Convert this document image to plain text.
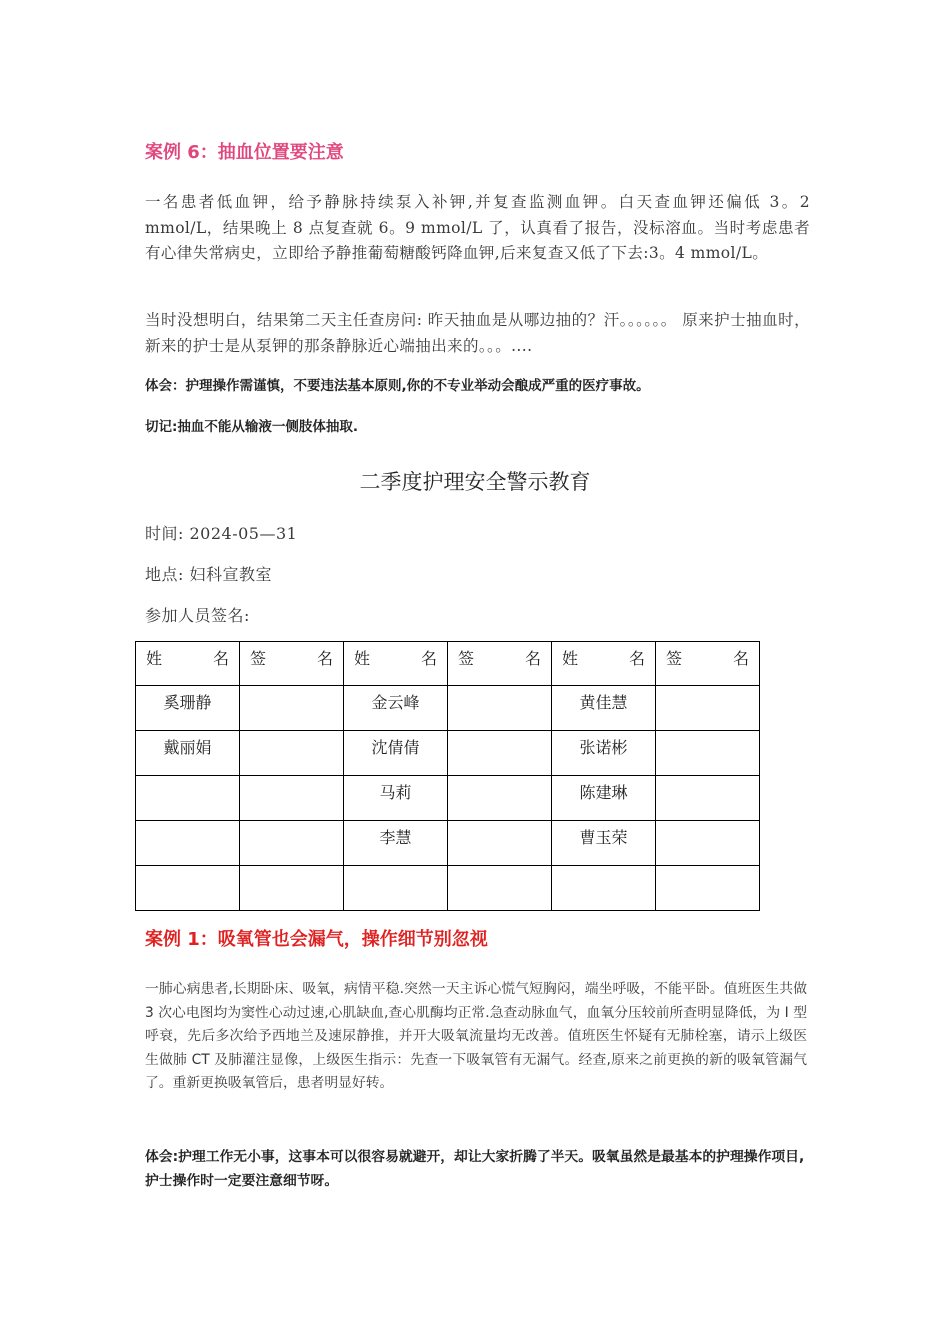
案例 6：抽血位置要注意
一名患者低血钾，给予静脉持续泵入补钾,并复查监测血钾。白天查血钾还偏低 3。2 mmol/L，结果晚上 8 点复查就 6。9 mmol/L 了，认真看了报告，没标溶血。当时考虑患者有心律失常病史，立即给予静推葡萄糖酸钙降血钾,后来复查又低了下去:3。4 mmol/L。
当时没想明白，结果第二天主任查房问: 昨天抽血是从哪边抽的？汗。。。。。。 原来护士抽血时，新来的护士是从泵钾的那条静脉近心端抽出来的。。。....
体会：护理操作需谨慎，不要违法基本原则,你的不专业举动会酿成严重的医疗事故。
切记:抽血不能从输液一侧肢体抽取.
二季度护理安全警示教育
时间: 2024-05—31
地点: 妇科宣教室
参加人员签名:
姓 名	签 名	姓 名	签 名	姓 名	签 名

奚珊静		金云峰		黄佳慧	

戴丽娟		沈倩倩		张诺彬	

		马莉		陈建琳	

		李慧		曹玉荣	

案例 1：吸氧管也会漏气，操作细节别忽视
一肺心病患者,长期卧床、吸氧，病情平稳.突然一天主诉心慌气短胸闷，端坐呼吸，不能平卧。值班医生共做 3 次心电图均为窦性心动过速,心肌缺血,查心肌酶均正常.急查动脉血气，血氧分压较前所查明显降低，为 Ⅰ 型呼衰，先后多次给予西地兰及速尿静推，并开大吸氧流量均无改善。值班医生怀疑有无肺栓塞，请示上级医生做肺 CT 及肺灌注显像，上级医生指示：先查一下吸氧管有无漏气。经查,原来之前更换的新的吸氧管漏气了。重新更换吸氧管后，患者明显好转。
体会:护理工作无小事，这事本可以很容易就避开，却让大家折腾了半天。吸氧虽然是最基本的护理操作项目,护士操作时一定要注意细节呀。
